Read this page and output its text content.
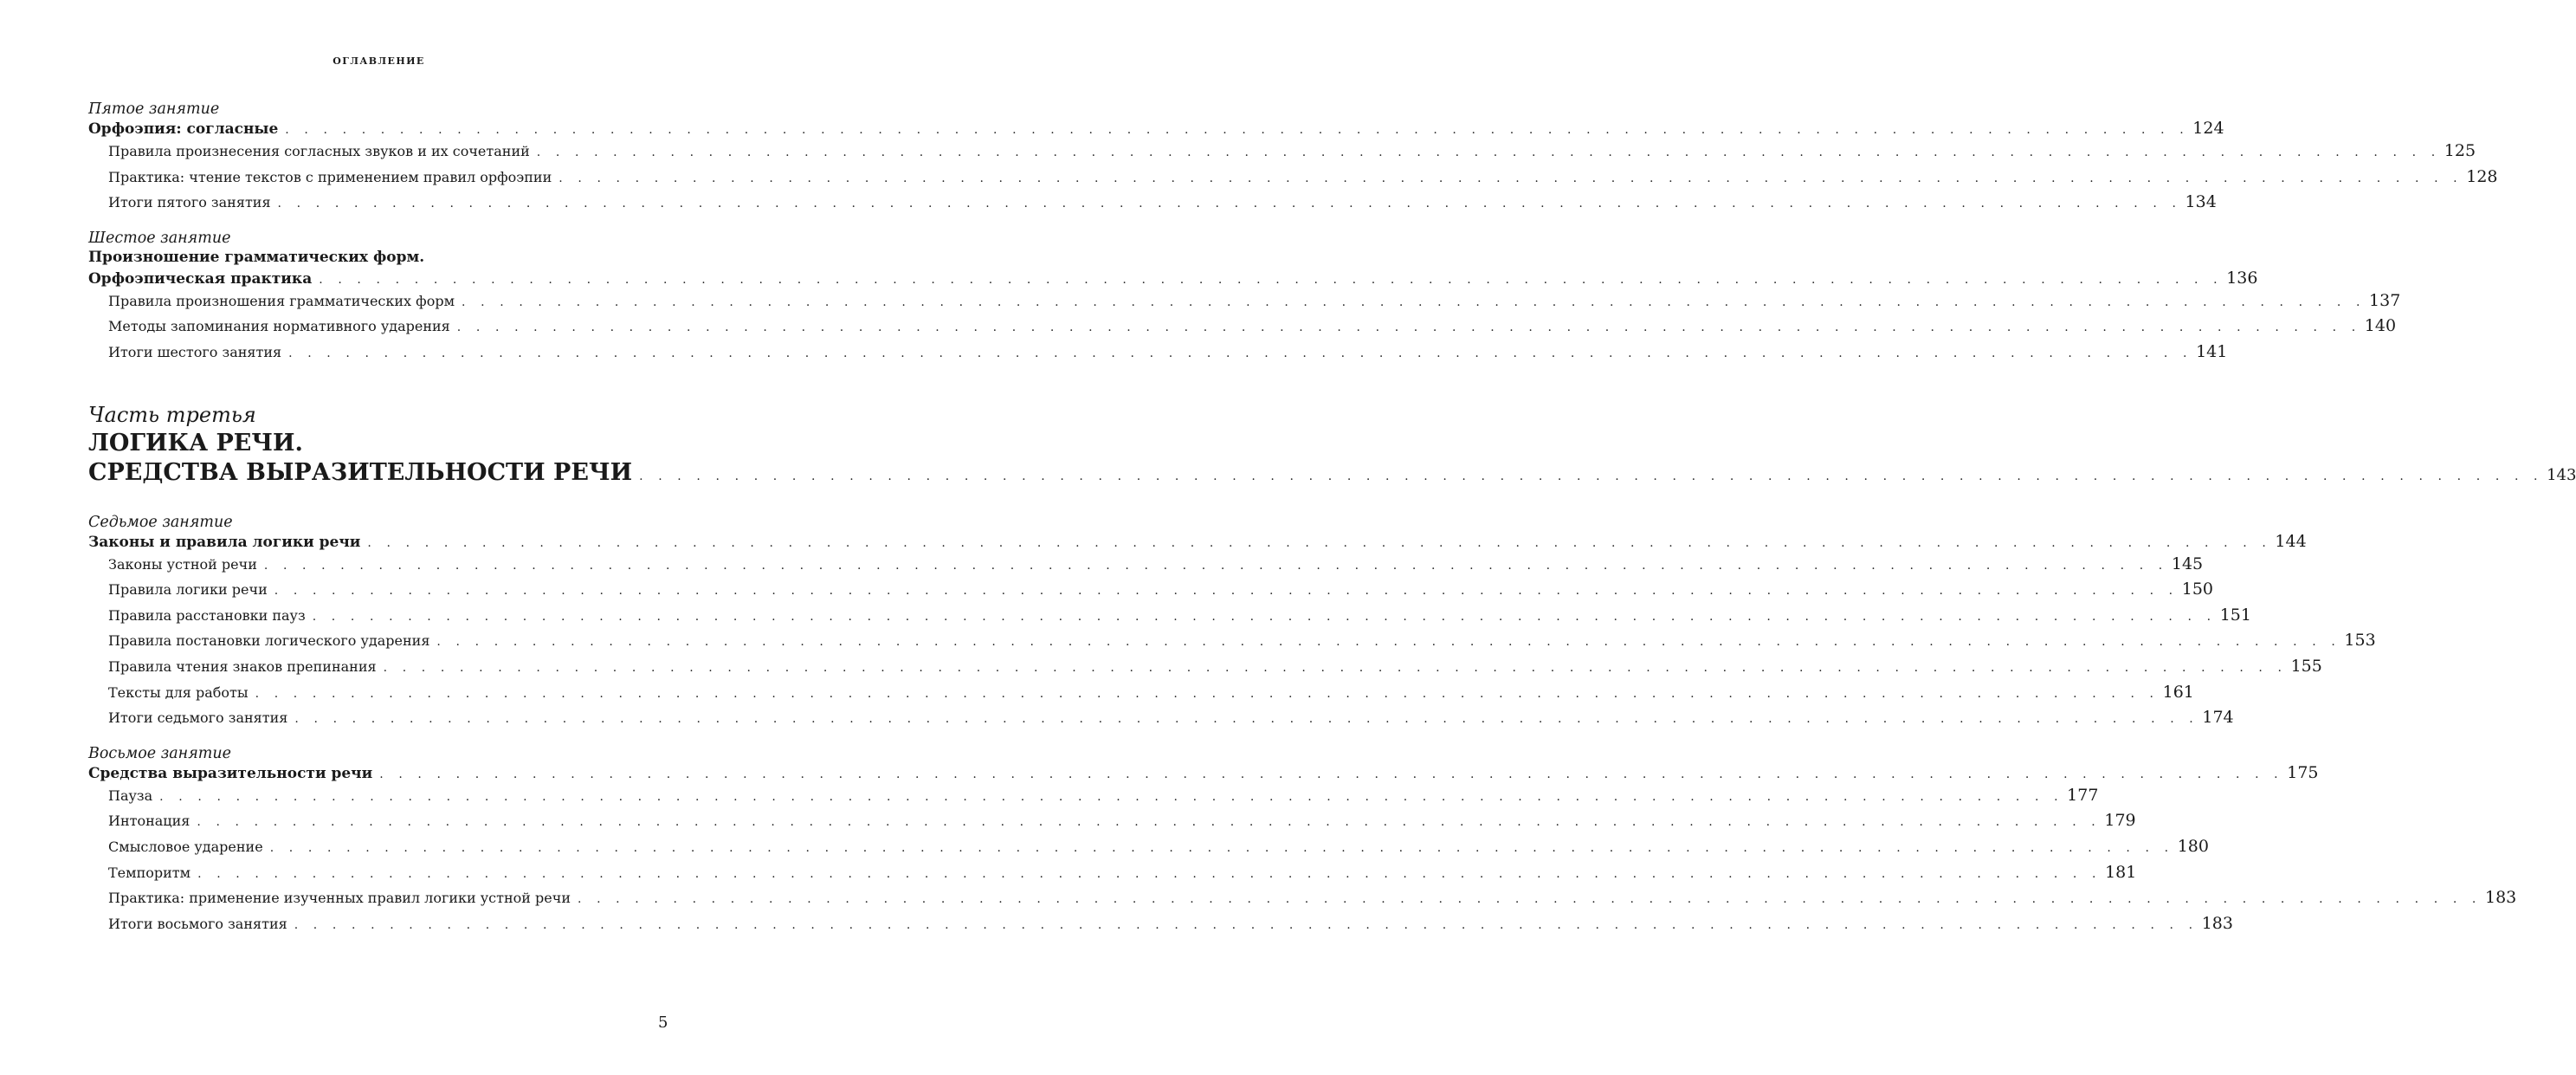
ОГЛАВЛЕНИЕ
Пятое занятие
Орфоэпия: согласные . . . . . . . . . . . . . . . . . . . . . . . . . . . . . . . . . . . . . . . . . . . . . . . . . . . . . . . . . . . . . . . . . . . . . . . . . . . . . . . . . . . . . . . . . . . . . . . . . . . . 124
Правила произнесения согласных звуков и их сочетаний . . . . . . . . . . . . . . . . . . . . . . . . . . . . . . . . . . . . . . . . . . . . . . . . . . . . . . . . . . . . . . . . . . . . . . . . . . . . . . . . . . . . . . . . . . . . . . . . . . . . 125
Практика: чтение текстов с применением правил орфоэпии . . . . . . . . . . . . . . . . . . . . . . . . . . . . . . . . . . . . . . . . . . . . . . . . . . . . . . . . . . . . . . . . . . . . . . . . . . . . . . . . . . . . . . . . . . . . . . . . . . . . 128
Итоги пятого занятия . . . . . . . . . . . . . . . . . . . . . . . . . . . . . . . . . . . . . . . . . . . . . . . . . . . . . . . . . . . . . . . . . . . . . . . . . . . . . . . . . . . . . . . . . . . . . . . . . . . . 134
Шестое занятие
Произношение грамматических форм.
Орфоэпическая практика . . . . . . . . . . . . . . . . . . . . . . . . . . . . . . . . . . . . . . . . . . . . . . . . . . . . . . . . . . . . . . . . . . . . . . . . . . . . . . . . . . . . . . . . . . . . . . . . . . . . 136
Правила произношения грамматических форм . . . . . . . . . . . . . . . . . . . . . . . . . . . . . . . . . . . . . . . . . . . . . . . . . . . . . . . . . . . . . . . . . . . . . . . . . . . . . . . . . . . . . . . . . . . . . . . . . . . . 137
Методы запоминания нормативного ударения . . . . . . . . . . . . . . . . . . . . . . . . . . . . . . . . . . . . . . . . . . . . . . . . . . . . . . . . . . . . . . . . . . . . . . . . . . . . . . . . . . . . . . . . . . . . . . . . . . . . 140
Итоги шестого занятия . . . . . . . . . . . . . . . . . . . . . . . . . . . . . . . . . . . . . . . . . . . . . . . . . . . . . . . . . . . . . . . . . . . . . . . . . . . . . . . . . . . . . . . . . . . . . . . . . . . . 141
Часть третья
ЛОГИКА РЕЧИ.
СРЕДСТВА ВЫРАЗИТЕЛЬНОСТИ РЕЧИ . . . . . . . . . . . . . . . . . . . . . . . . . . . . . . . . . . . . . . . . . . . . . . . . . . . . . . . . . . . . . . . . . . . . . . . . . . . . . . . . . . . . . . . . . . . . . . . . . . . . 143
Седьмое занятие
Законы и правила логики речи . . . . . . . . . . . . . . . . . . . . . . . . . . . . . . . . . . . . . . . . . . . . . . . . . . . . . . . . . . . . . . . . . . . . . . . . . . . . . . . . . . . . . . . . . . . . . . . . . . . . 144
Законы устной речи . . . . . . . . . . . . . . . . . . . . . . . . . . . . . . . . . . . . . . . . . . . . . . . . . . . . . . . . . . . . . . . . . . . . . . . . . . . . . . . . . . . . . . . . . . . . . . . . . . . . 145
Правила логики речи . . . . . . . . . . . . . . . . . . . . . . . . . . . . . . . . . . . . . . . . . . . . . . . . . . . . . . . . . . . . . . . . . . . . . . . . . . . . . . . . . . . . . . . . . . . . . . . . . . . . 150
Правила расстановки пауз . . . . . . . . . . . . . . . . . . . . . . . . . . . . . . . . . . . . . . . . . . . . . . . . . . . . . . . . . . . . . . . . . . . . . . . . . . . . . . . . . . . . . . . . . . . . . . . . . . . . 151
Правила постановки логического ударения . . . . . . . . . . . . . . . . . . . . . . . . . . . . . . . . . . . . . . . . . . . . . . . . . . . . . . . . . . . . . . . . . . . . . . . . . . . . . . . . . . . . . . . . . . . . . . . . . . . . 153
Правила чтения знаков препинания . . . . . . . . . . . . . . . . . . . . . . . . . . . . . . . . . . . . . . . . . . . . . . . . . . . . . . . . . . . . . . . . . . . . . . . . . . . . . . . . . . . . . . . . . . . . . . . . . . . . 155
Тексты для работы . . . . . . . . . . . . . . . . . . . . . . . . . . . . . . . . . . . . . . . . . . . . . . . . . . . . . . . . . . . . . . . . . . . . . . . . . . . . . . . . . . . . . . . . . . . . . . . . . . . . 161
Итоги седьмого занятия . . . . . . . . . . . . . . . . . . . . . . . . . . . . . . . . . . . . . . . . . . . . . . . . . . . . . . . . . . . . . . . . . . . . . . . . . . . . . . . . . . . . . . . . . . . . . . . . . . . . 174
Восьмое занятие
Средства выразительности речи . . . . . . . . . . . . . . . . . . . . . . . . . . . . . . . . . . . . . . . . . . . . . . . . . . . . . . . . . . . . . . . . . . . . . . . . . . . . . . . . . . . . . . . . . . . . . . . . . . . . 175
Пауза . . . . . . . . . . . . . . . . . . . . . . . . . . . . . . . . . . . . . . . . . . . . . . . . . . . . . . . . . . . . . . . . . . . . . . . . . . . . . . . . . . . . . . . . . . . . . . . . . . . . 177
Интонация . . . . . . . . . . . . . . . . . . . . . . . . . . . . . . . . . . . . . . . . . . . . . . . . . . . . . . . . . . . . . . . . . . . . . . . . . . . . . . . . . . . . . . . . . . . . . . . . . . . . 179
Смысловое ударение . . . . . . . . . . . . . . . . . . . . . . . . . . . . . . . . . . . . . . . . . . . . . . . . . . . . . . . . . . . . . . . . . . . . . . . . . . . . . . . . . . . . . . . . . . . . . . . . . . . . 180
Темпоритм . . . . . . . . . . . . . . . . . . . . . . . . . . . . . . . . . . . . . . . . . . . . . . . . . . . . . . . . . . . . . . . . . . . . . . . . . . . . . . . . . . . . . . . . . . . . . . . . . . . . 181
Практика: применение изученных правил логики устной речи . . . . . . . . . . . . . . . . . . . . . . . . . . . . . . . . . . . . . . . . . . . . . . . . . . . . . . . . . . . . . . . . . . . . . . . . . . . . . . . . . . . . . . . . . . . . . . . . . . . . 183
Итоги восьмого занятия . . . . . . . . . . . . . . . . . . . . . . . . . . . . . . . . . . . . . . . . . . . . . . . . . . . . . . . . . . . . . . . . . . . . . . . . . . . . . . . . . . . . . . . . . . . . . . . . . . . . 183
5
